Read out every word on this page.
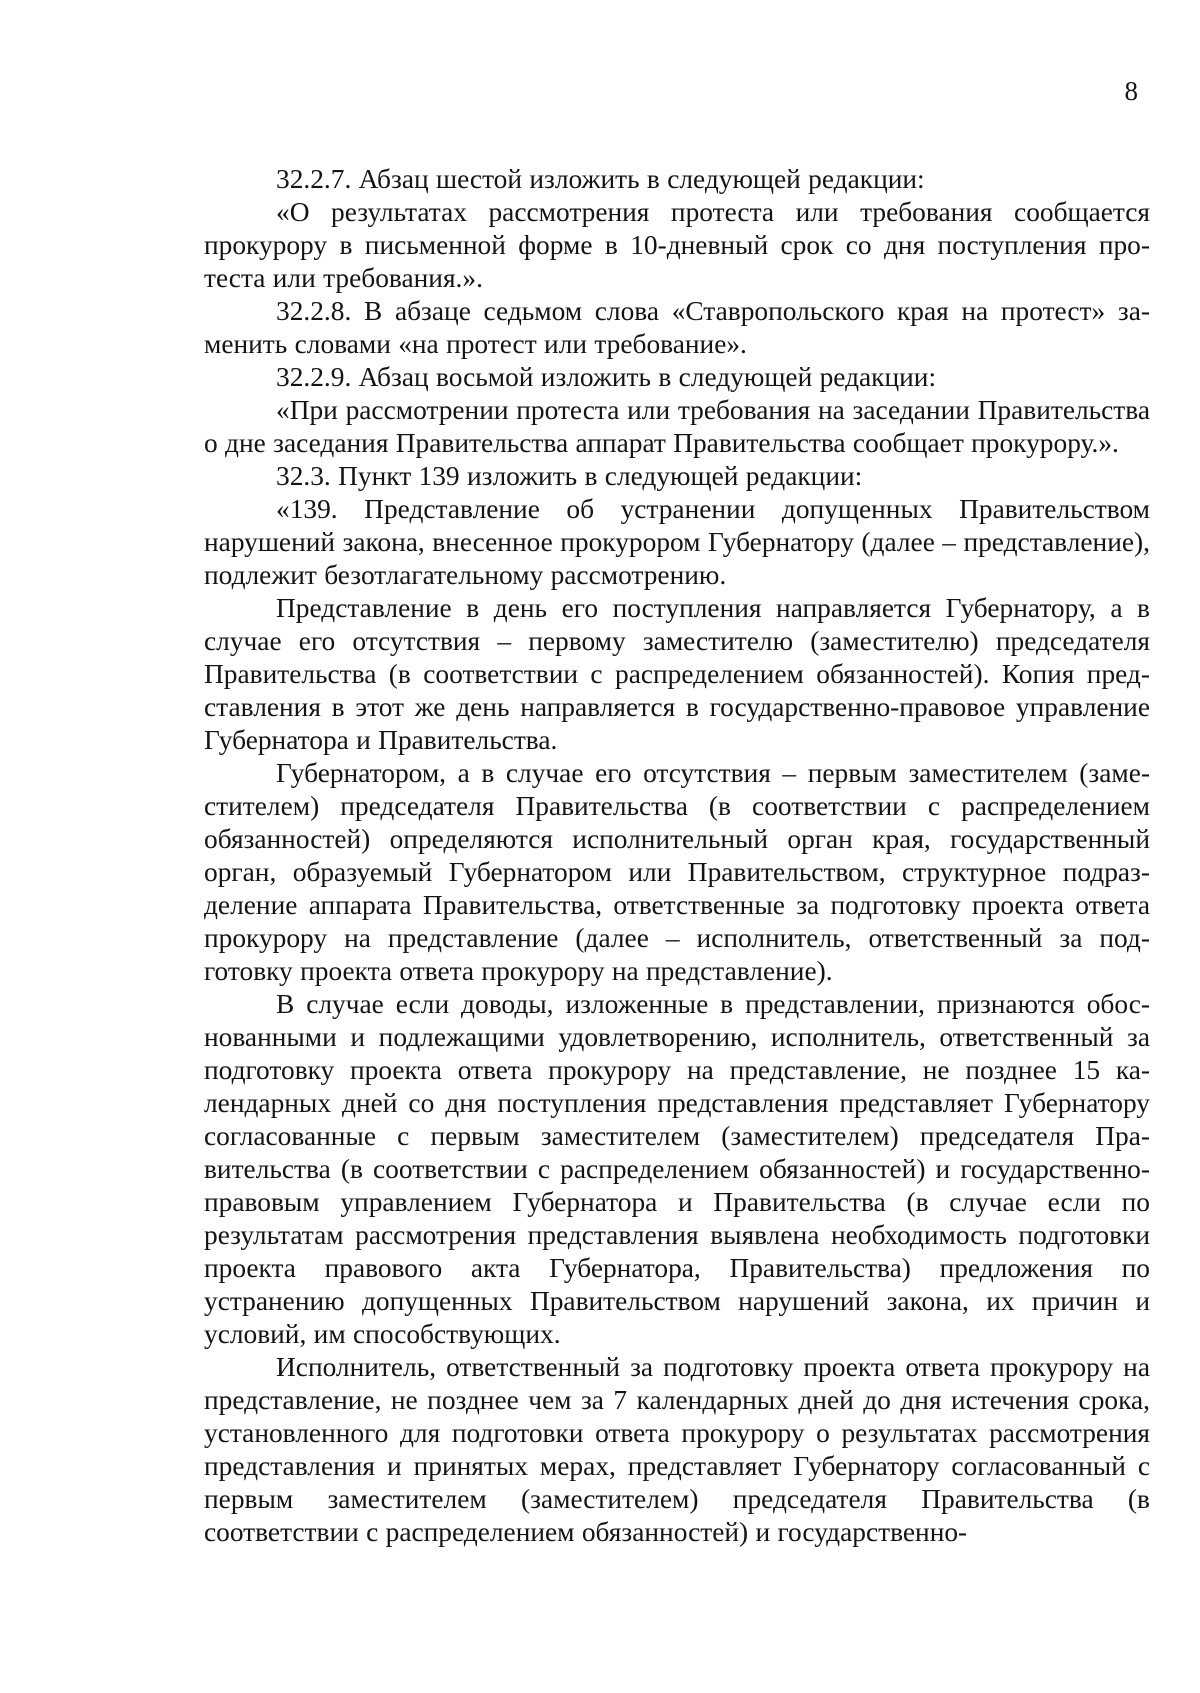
8

32.2.7. Абзац шестой изложить в следующей редакции:

«О результатах рассмотрения протеста или требования сообщается прокурору в письменной форме в 10-дневный срок со дня поступления протеста или требования.».

32.2.8. В абзаце седьмом слова «Ставропольского края на протест» заменить словами «на протест или требование».

32.2.9. Абзац восьмой изложить в следующей редакции:

«При рассмотрении протеста или требования на заседании Правительства о дне заседания Правительства аппарат Правительства сообщает прокурору.».

32.3. Пункт 139 изложить в следующей редакции:

«139. Представление об устранении допущенных Правительством нарушений закона, внесенное прокурором Губернатору (далее – представление), подлежит безотлагательному рассмотрению.

Представление в день его поступления направляется Губернатору, а в случае его отсутствия – первому заместителю (заместителю) председателя Правительства (в соответствии с распределением обязанностей). Копия представления в этот же день направляется в государственно-правовое управление Губернатора и Правительства.

Губернатором, а в случае его отсутствия – первым заместителем (заместителем) председателя Правительства (в соответствии с распределением обязанностей) определяются исполнительный орган края, государственный орган, образуемый Губернатором или Правительством, структурное подразделение аппарата Правительства, ответственные за подготовку проекта ответа прокурору на представление (далее – исполнитель, ответственный за подготовку проекта ответа прокурору на представление).

В случае если доводы, изложенные в представлении, признаются обоснованными и подлежащими удовлетворению, исполнитель, ответственный за подготовку проекта ответа прокурору на представление, не позднее 15 календарных дней со дня поступления представления представляет Губернатору согласованные с первым заместителем (заместителем) председателя Правительства (в соответствии с распределением обязанностей) и государственно-правовым управлением Губернатора и Правительства (в случае если по результатам рассмотрения представления выявлена необходимость подготовки проекта правового акта Губернатора, Правительства) предложения по устранению допущенных Правительством нарушений закона, их причин и условий, им способствующих.

Исполнитель, ответственный за подготовку проекта ответа прокурору на представление, не позднее чем за 7 календарных дней до дня истечения срока, установленного для подготовки ответа прокурору о результатах рассмотрения представления и принятых мерах, представляет Губернатору согласованный с первым заместителем (заместителем) председателя Правительства (в соответствии с распределением обязанностей) и государственно-
